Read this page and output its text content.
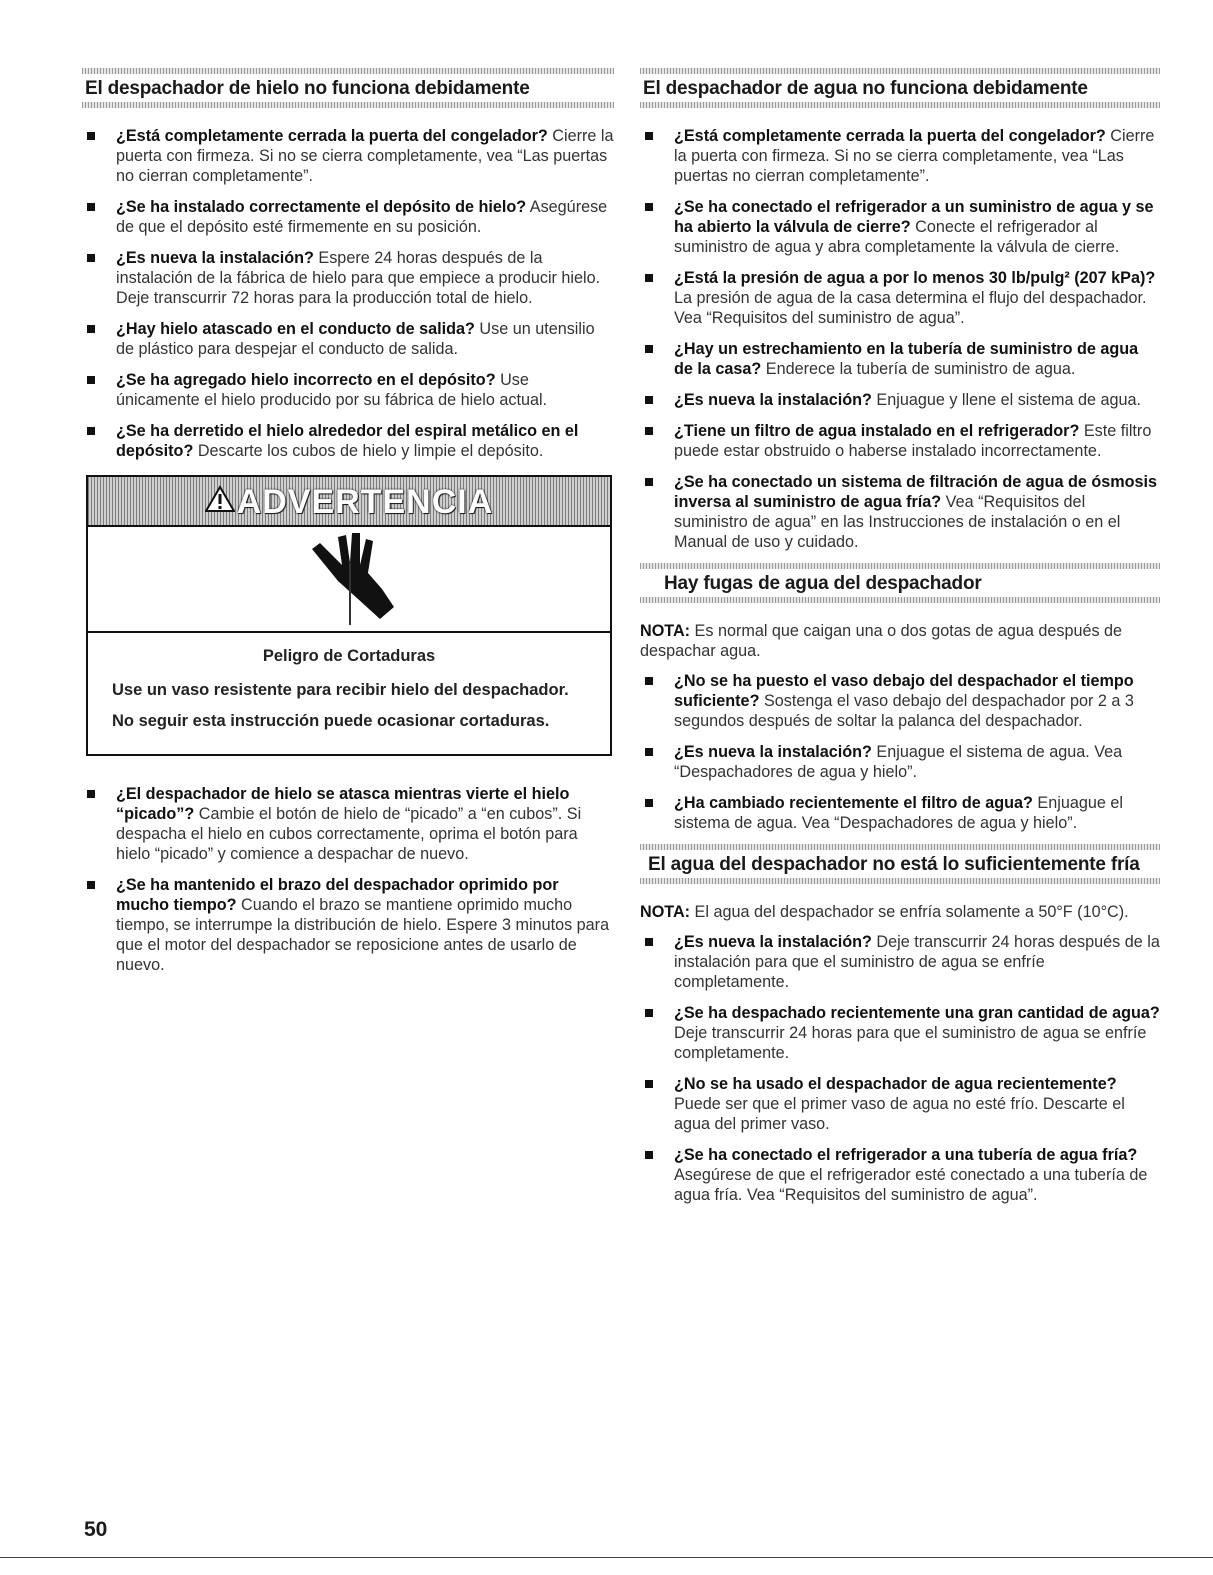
El despachador de hielo no funciona debidamente
¿Está completamente cerrada la puerta del congelador? Cierre la puerta con firmeza. Si no se cierra completamente, vea “Las puertas no cierran completamente”.
¿Se ha instalado correctamente el depósito de hielo? Asegúrese de que el depósito esté firmemente en su posición.
¿Es nueva la instalación? Espere 24 horas después de la instalación de la fábrica de hielo para que empiece a producir hielo. Deje transcurrir 72 horas para la producción total de hielo.
¿Hay hielo atascado en el conducto de salida? Use un utensilio de plástico para despejar el conducto de salida.
¿Se ha agregado hielo incorrecto en el depósito? Use únicamente el hielo producido por su fábrica de hielo actual.
¿Se ha derretido el hielo alrededor del espiral metálico en el depósito? Descarte los cubos de hielo y limpie el depósito.
ADVERTENCIA
Peligro de Cortaduras
Use un vaso resistente para recibir hielo del despachador.
No seguir esta instrucción puede ocasionar cortaduras.
¿El despachador de hielo se atasca mientras vierte el hielo “picado”? Cambie el botón de hielo de “picado” a “en cubos”. Si despacha el hielo en cubos correctamente, oprima el botón para hielo “picado” y comience a despachar de nuevo.
¿Se ha mantenido el brazo del despachador oprimido por mucho tiempo? Cuando el brazo se mantiene oprimido mucho tiempo, se interrumpe la distribución de hielo. Espere 3 minutos para que el motor del despachador se reposicione antes de usarlo de nuevo.
El despachador de agua no funciona debidamente
¿Está completamente cerrada la puerta del congelador? Cierre la puerta con firmeza. Si no se cierra completamente, vea “Las puertas no cierran completamente”.
¿Se ha conectado el refrigerador a un suministro de agua y se ha abierto la válvula de cierre? Conecte el refrigerador al suministro de agua y abra completamente la válvula de cierre.
¿Está la presión de agua a por lo menos 30 lb/pulg² (207 kPa)? La presión de agua de la casa determina el flujo del despachador. Vea “Requisitos del suministro de agua”.
¿Hay un estrechamiento en la tubería de suministro de agua de la casa? Enderece la tubería de suministro de agua.
¿Es nueva la instalación? Enjuague y llene el sistema de agua.
¿Tiene un filtro de agua instalado en el refrigerador? Este filtro puede estar obstruido o haberse instalado incorrectamente.
¿Se ha conectado un sistema de filtración de agua de ósmosis inversa al suministro de agua fría? Vea “Requisitos del suministro de agua” en las Instrucciones de instalación o en el Manual de uso y cuidado.
Hay fugas de agua del despachador

NOTA: Es normal que caigan una o dos gotas de agua después de despachar agua.

¿No se ha puesto el vaso debajo del despachador el tiempo suficiente? Sostenga el vaso debajo del despachador por 2 a 3 segundos después de soltar la palanca del despachador.
¿Es nueva la instalación? Enjuague el sistema de agua. Vea “Despachadores de agua y hielo”.
¿Ha cambiado recientemente el filtro de agua? Enjuague el sistema de agua. Vea “Despachadores de agua y hielo”.
El agua del despachador no está lo suficientemente fría

NOTA: El agua del despachador se enfría solamente a 50°F (10°C).

¿Es nueva la instalación? Deje transcurrir 24 horas después de la instalación para que el suministro de agua se enfríe completamente.
¿Se ha despachado recientemente una gran cantidad de agua? Deje transcurrir 24 horas para que el suministro de agua se enfríe completamente.
¿No se ha usado el despachador de agua recientemente? Puede ser que el primer vaso de agua no esté frío. Descarte el agua del primer vaso.
¿Se ha conectado el refrigerador a una tubería de agua fría? Asegúrese de que el refrigerador esté conectado a una tubería de agua fría. Vea “Requisitos del suministro de agua”.
50
